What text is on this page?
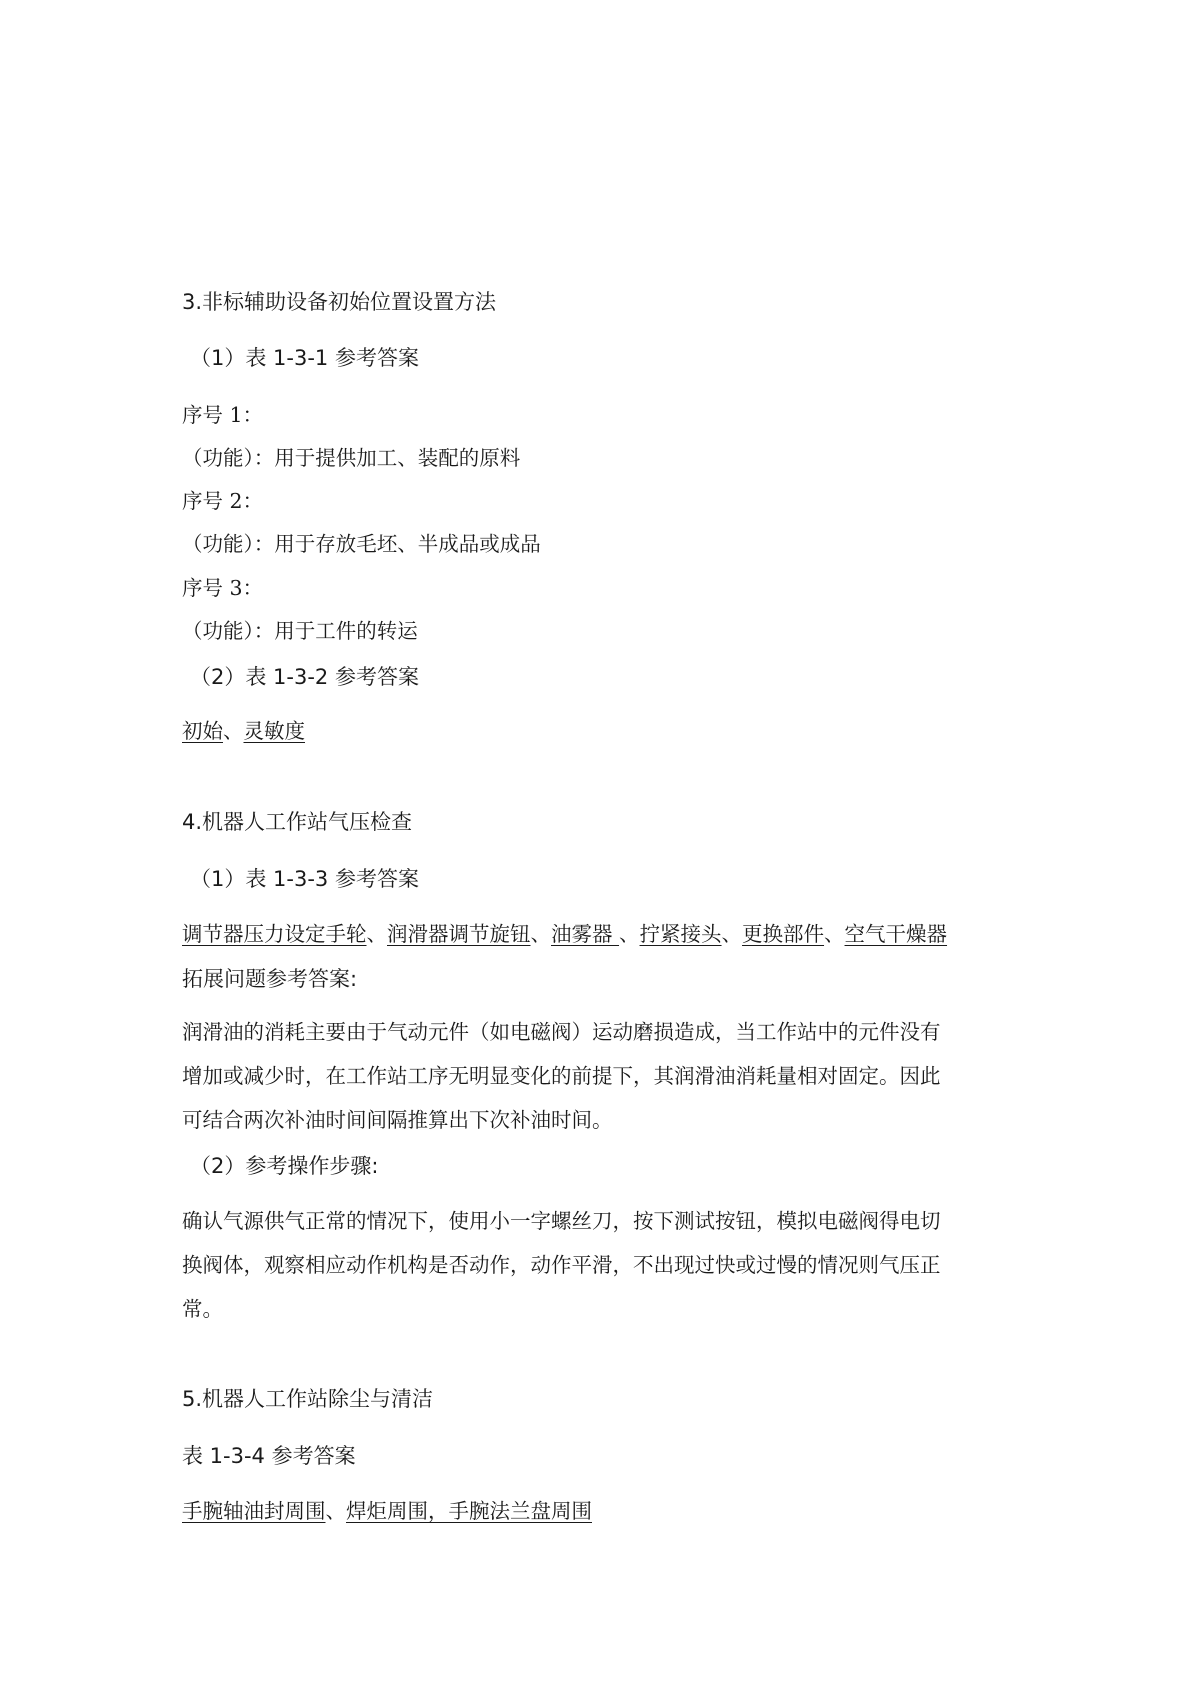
3.非标辅助设备初始位置设置方法

（1）表 1-3-1 参考答案

序号 1：

（功能）：用于提供加工、装配的原料

序号 2：

（功能）：用于存放毛坯、半成品或成品

序号 3：

（功能）：用于工件的转运

（2）表 1-3-2 参考答案

初始、灵敏度

4.机器人工作站气压检查

（1）表 1-3-3 参考答案

调节器压力设定手轮、润滑器调节旋钮、油雾器 、拧紧接头、更换部件、空气干燥器

拓展问题参考答案:

润滑油的消耗主要由于气动元件（如电磁阀）运动磨损造成，当工作站中的元件没有

增加或减少时，在工作站工序无明显变化的前提下，其润滑油消耗量相对固定。因此

可结合两次补油时间间隔推算出下次补油时间。

（2）参考操作步骤:

确认气源供气正常的情况下，使用小一字螺丝刀，按下测试按钮，模拟电磁阀得电切

换阀体，观察相应动作机构是否动作，动作平滑，不出现过快或过慢的情况则气压正

常。

5.机器人工作站除尘与清洁

表 1-3-4 参考答案

手腕轴油封周围、焊炬周围，手腕法兰盘周围
